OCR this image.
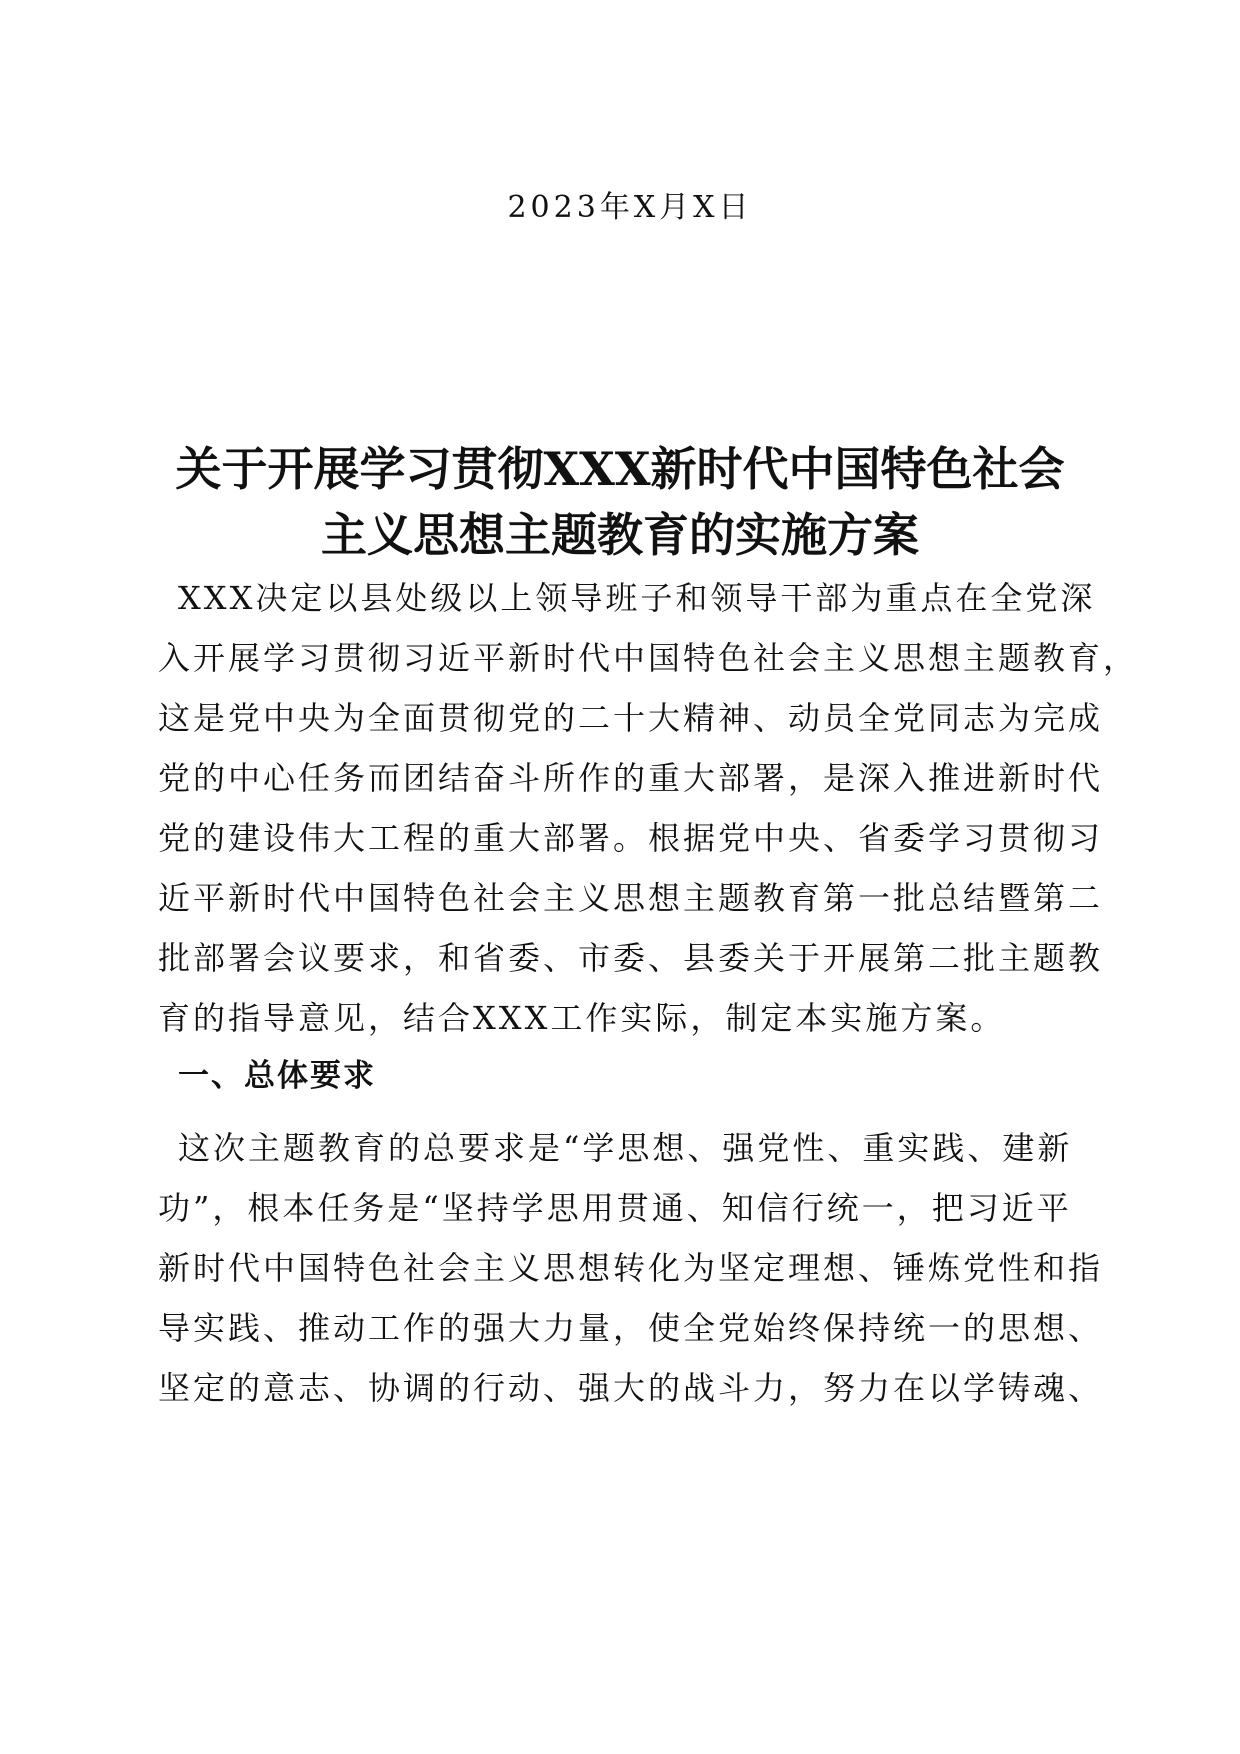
2023年X月X日
关于开展学习贯彻XXX新时代中国特色社会
主义思想主题教育的实施方案
XXX决定以县处级以上领导班子和领导干部为重点在全党深
入开展学习贯彻习近平新时代中国特色社会主义思想主题教育，
这是党中央为全面贯彻党的二十大精神、动员全党同志为完成
党的中心任务而团结奋斗所作的重大部署，是深入推进新时代
党的建设伟大工程的重大部署。根据党中央、省委学习贯彻习
近平新时代中国特色社会主义思想主题教育第一批总结暨第二
批部署会议要求，和省委、市委、县委关于开展第二批主题教
育的指导意见，结合XXX工作实际，制定本实施方案。
一、总体要求
这次主题教育的总要求是“学思想、强党性、重实践、建新
功”，根本任务是“坚持学思用贯通、知信行统一，把习近平
新时代中国特色社会主义思想转化为坚定理想、锤炼党性和指
导实践、推动工作的强大力量，使全党始终保持统一的思想、
坚定的意志、协调的行动、强大的战斗力，努力在以学铸魂、
